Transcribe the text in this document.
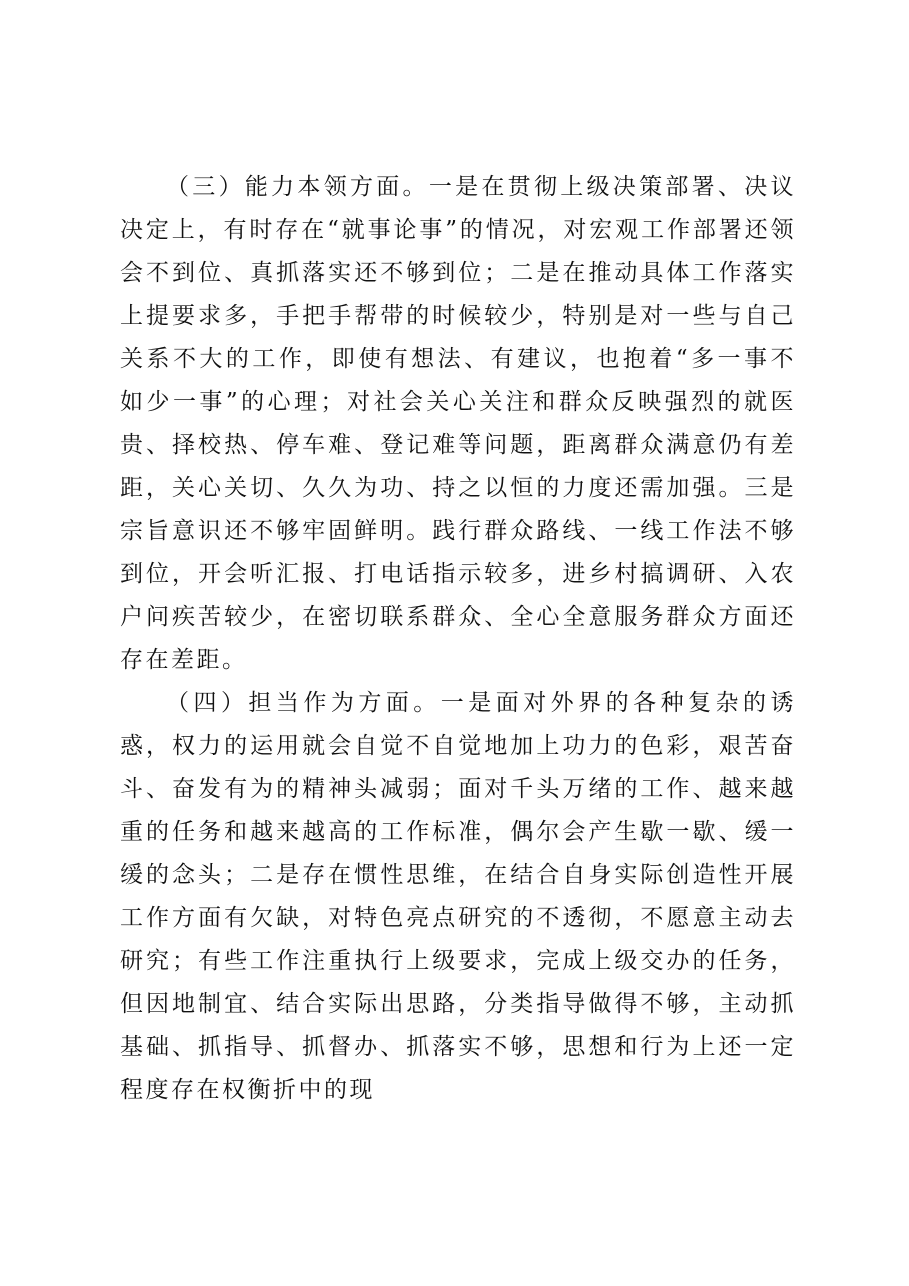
（三）能力本领方面。一是在贯彻上级决策部署、决议决定上，有时存在“就事论事”的情况，对宏观工作部署还领会不到位、真抓落实还不够到位；二是在推动具体工作落实上提要求多，手把手帮带的时候较少，特别是对一些与自己关系不大的工作，即使有想法、有建议，也抱着“多一事不如少一事”的心理；对社会关心关注和群众反映强烈的就医贵、择校热、停车难、登记难等问题，距离群众满意仍有差距，关心关切、久久为功、持之以恒的力度还需加强。三是宗旨意识还不够牢固鲜明。践行群众路线、一线工作法不够到位，开会听汇报、打电话指示较多，进乡村搞调研、入农户问疾苦较少，在密切联系群众、全心全意服务群众方面还存在差距。

（四）担当作为方面。一是面对外界的各种复杂的诱惑，权力的运用就会自觉不自觉地加上功力的色彩，艰苦奋斗、奋发有为的精神头减弱；面对千头万绪的工作、越来越重的任务和越来越高的工作标准，偶尔会产生歇一歇、缓一缓的念头；二是存在惯性思维，在结合自身实际创造性开展工作方面有欠缺，对特色亮点研究的不透彻，不愿意主动去研究；有些工作注重执行上级要求，完成上级交办的任务，但因地制宜、结合实际出思路，分类指导做得不够，主动抓基础、抓指导、抓督办、抓落实不够，思想和行为上还一定程度存在权衡折中的现
